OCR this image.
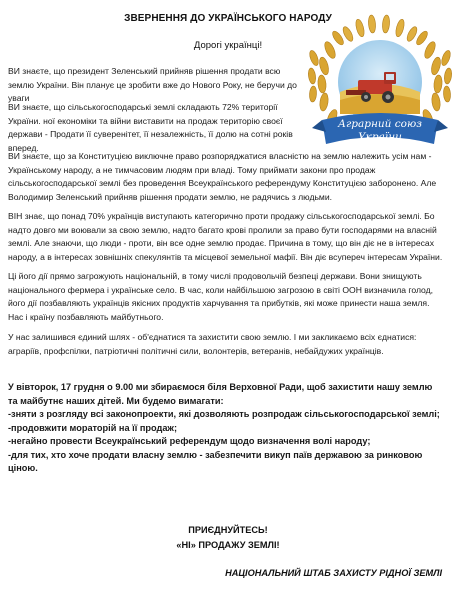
ЗВЕРНЕННЯ ДО УКРАЇНСЬКОГО НАРОДУ
Дорогі українці!

ВИ знаєте, що президент Зеленський прийняв рішення продати всю землю України. Він планує це зробити вже до Нового Року, не беручи до уваги

ВИ знаєте, що сільськогосподарські землі складають 72% території України. ної економіки та війни виставити на продаж територію своєї держави - Продати її суверенітет, її незалежність, її долю на сотні років вперед.

ВИ знаєте, що за Конституцією виключне право розпоряджатися власністю на землю належить усім нам - Українському народу, а не тимчасовим людям при владі. Тому приймати закони про продаж сільськогосподарської землі без проведення Всеукраїнського референдуму Конституцією заборонено. Але Володимир Зеленський прийняв рішення продати землю, не радячись з людьми.

ВІН знає, що понад 70% українців виступають категорично проти продажу сільськогосподарської землі. Бо надто довго ми воювали за свою землю, надто багато крові пролили за право бути господарями на власній землі. Але знаючи, що люди - проти, він все одне землю продає. Причина в тому, що він діє не в інтересах народу, а в інтересах зовнішніх спекулянтів та місцевої земельної мафії. Він діє всупереч інтересам України.

Ці його дії прямо загрожують національній, в тому числі продовольчій безпеці держави. Вони знищують національного фермера і українське село. В час, коли найбільшою загрозою в світі ООН визначила голод, його дії позбавляють українців якісних продуктів харчування та прибутків, які може принести наша земля. Нас і країну позбавляють майбутнього.

У нас залишився єдиний шлях - об'єднатися та захистити свою землю. І ми закликаємо всіх єднатися: аграріїв, профспілки, патріотичні політичні сили, волонтерів, ветеранів, небайдужих українців.

У вівторок, 17 грудня о 9.00 ми збираємося біля Верховної Ради, щоб захистити нашу землю та майбутнє наших дітей. Ми будемо вимагати:
-зняти з розгляду всі законопроекти, які дозволяють розпродаж сільськогосподарської землі;
-продовжити мораторій на її продаж;
-негайно провести Всеукраїнський референдум щодо визначення волі народу;
-для тих, хто хоче продати власну землю - забезпечити викуп паїв державою за ринковою ціною.
ПРИЄДНУЙТЕСЬ!
«НІ» ПРОДАЖУ ЗЕМЛІ!
НАЦІОНАЛЬНИЙ ШТАБ ЗАХИСТУ РІДНОЇ ЗЕМЛІ
Аграрний союз
України
